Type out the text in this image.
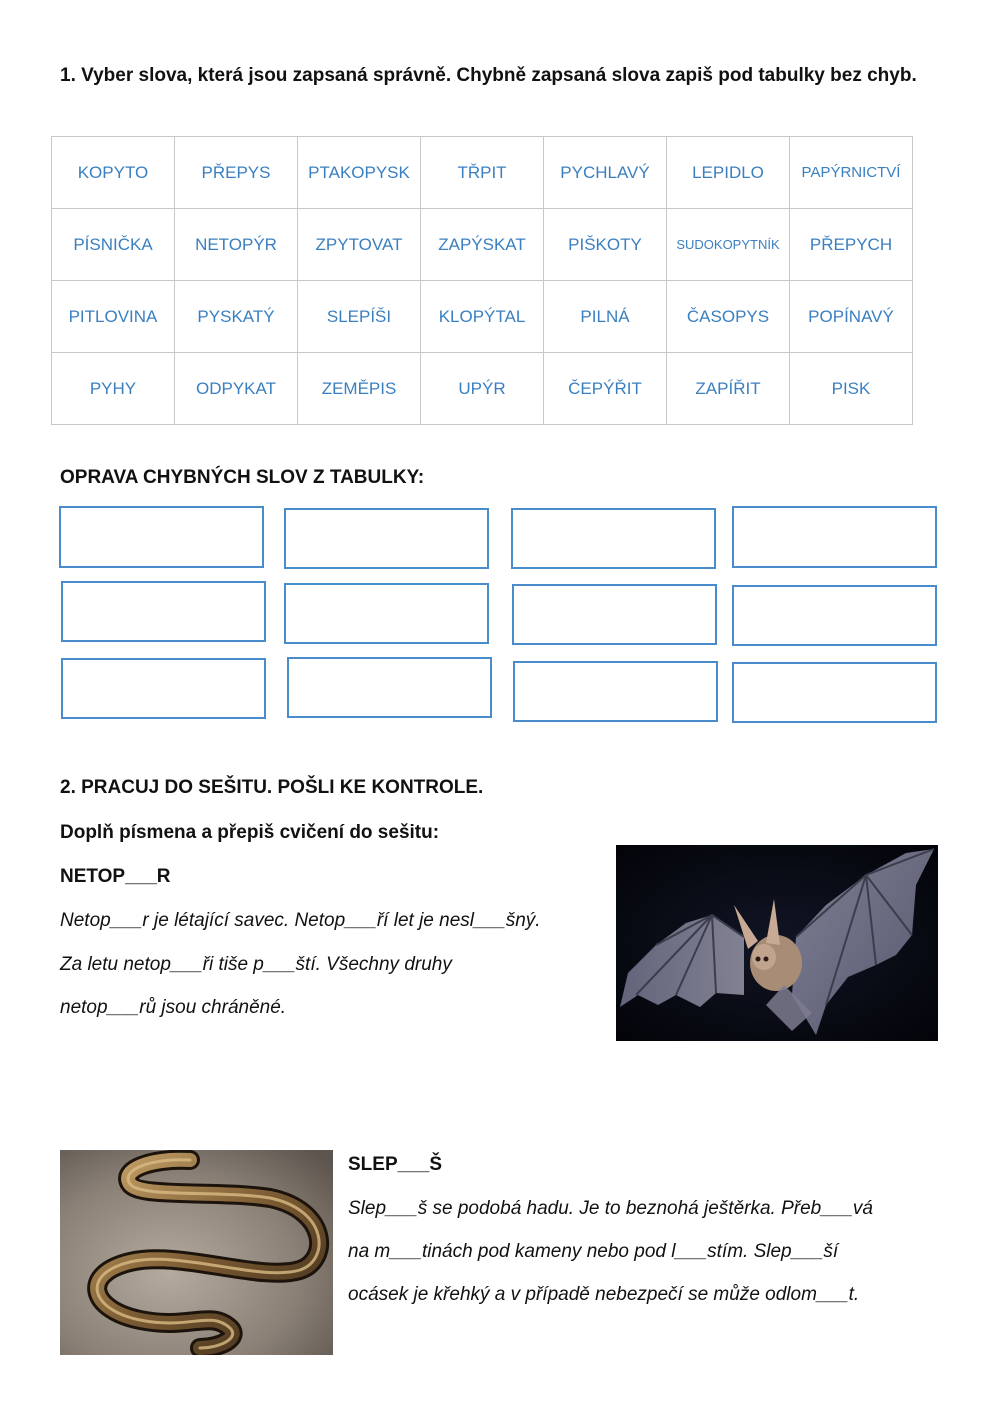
1. Vyber slova, která jsou zapsaná správně. Chybně zapsaná slova zapiš pod tabulky bez chyb.
KOPYTO	PŘEPYS	PTAKOPYSK	TŘPIT	PYCHLAVÝ	LEPIDLO	PAPÝRNICTVÍ
PÍSNIČKA	NETOPÝR	ZPYTOVAT	ZAPÝSKAT	PIŠKOTY	SUDOKOPYTNÍK	PŘEPYCH
PITLOVINA	PYSKATÝ	SLEPÍŠI	KLOPÝTAL	PILNÁ	ČASOPYS	POPÍNAVÝ
PYHY	ODPYKAT	ZEMĚPIS	UPÝR	ČEPÝŘIT	ZAPÍŘIT	PISK
OPRAVA CHYBNÝCH SLOV Z TABULKY:
2. PRACUJ DO SEŠITU. POŠLI KE KONTROLE.
Doplň písmena a přepiš cvičení do sešitu:
NETOP___R
Netop___r je létající savec. Netop___ří let je nesl___šný.
Za letu netop___ři tiše p___ští. Všechny druhy
netop___rů jsou chráněné.
SLEP___Š
Slep___š se podobá hadu. Je to beznohá ještěrka. Přeb___vá
na m___tinách pod kameny nebo pod l___stím. Slep___ší
ocásek je křehký a v případě nebezpečí se může odlom___t.
